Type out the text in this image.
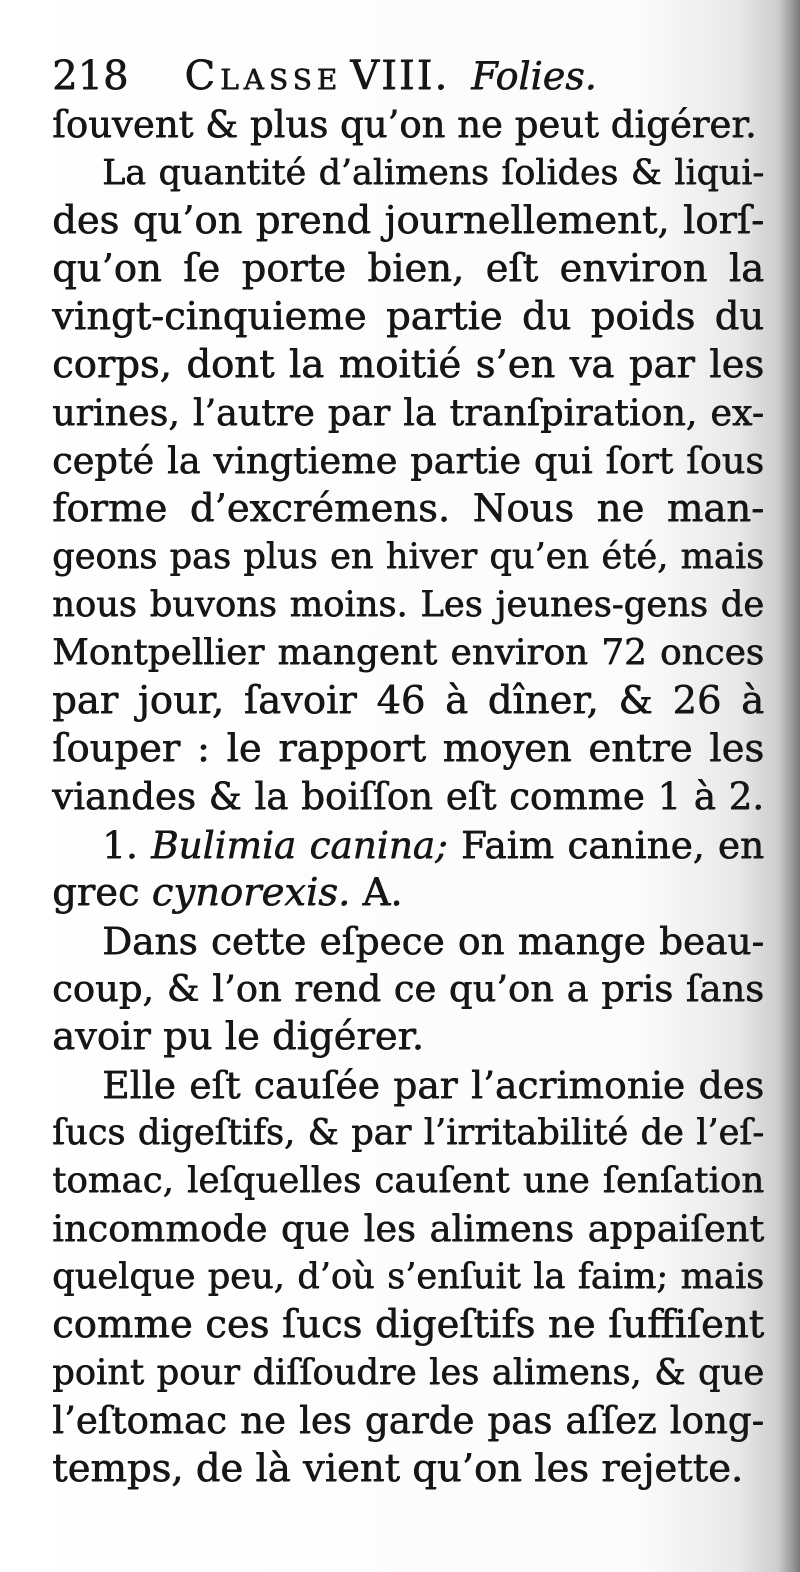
218 Classe VIII. Folies.
ſouvent & plus qu’on ne peut digérer.
La quantité d’alimens ſolides & liqui-
des qu’on prend journellement, lorſ-
qu’on ſe porte bien, eſt environ la
vingt-cinquieme partie du poids du
corps, dont la moitié s’en va par les
urines, l’autre par la tranſpiration, ex-
cepté la vingtieme partie qui ſort ſous
forme d’excrémens. Nous ne man-
geons pas plus en hiver qu’en été, mais
nous buvons moins. Les jeunes-gens de
Montpellier mangent environ 72 onces
par jour, ſavoir 46 à dîner, & 26 à
ſouper : le rapport moyen entre les
viandes & la boiſſon eſt comme 1 à 2.
1. Bulimia canina; Faim canine, en
grec cynorexis. A.
Dans cette eſpece on mange beau-
coup, & l’on rend ce qu’on a pris ſans
avoir pu le digérer.
Elle eſt cauſée par l’acrimonie des
ſucs digeſtifs, & par l’irritabilité de l’eſ-
tomac, leſquelles cauſent une ſenſation
incommode que les alimens appaiſent
quelque peu, d’où s’enſuit la faim; mais
comme ces ſucs digeſtifs ne ſuffiſent
point pour diſſoudre les alimens, & que
l’eſtomac ne les garde pas aſſez long-
temps, de là vient qu’on les rejette.
